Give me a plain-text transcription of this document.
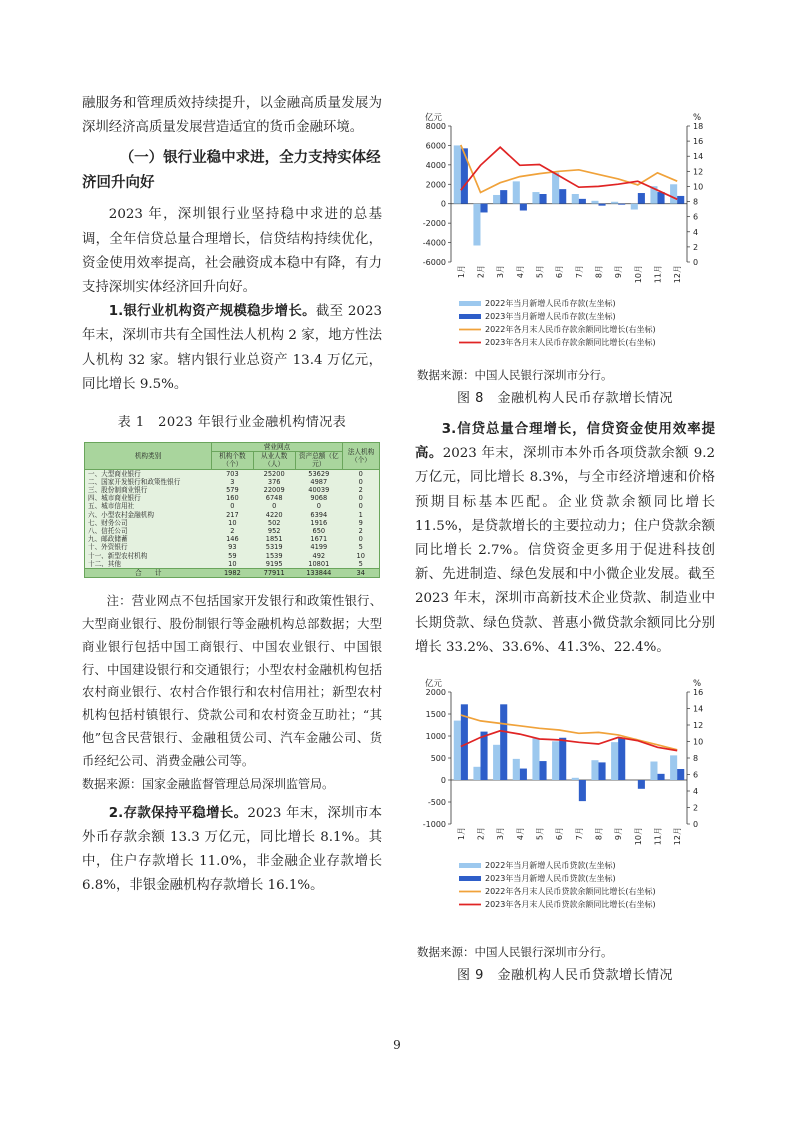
融服务和管理质效持续提升，以金融高质量发展为深圳经济高质量发展营造适宜的货币金融环境。

（一）银行业稳中求进，全力支持实体经济回升向好

2023 年，深圳银行业坚持稳中求进的总基调，全年信贷总量合理增长，信贷结构持续优化，资金使用效率提高，社会融资成本稳中有降，有力支持深圳实体经济回升向好。

1.银行业机构资产规模稳步增长。截至 2023 年末，深圳市共有全国性法人机构 2 家，地方性法人机构 32 家。辖内银行业总资产 13.4 万亿元，同比增长 9.5%。

表 1　2023 年银行业金融机构情况表
机构类别	营业网点			法人机构（个）
	机构个数（个）	从业人数（人）	资产总额（亿元）	
一、大型商业银行	703	25200	53629	0
二、国家开发银行和政策性银行	3	376	4987	0
三、股份制商业银行	579	22009	40039	2
四、城市商业银行	160	6748	9068	0
五、城市信用社	0	0	0	0
六、小型农村金融机构	217	4220	6394	1
七、财务公司	10	502	1916	9
八、信托公司	2	952	650	2
九、邮政储蓄	146	1851	1671	0
十、外资银行	93	5319	4199	5
十一、新型农村机构	59	1539	492	10
十二、其他	10	9195	10801	5
合　　计	1982	77911	133844	34

注：营业网点不包括国家开发银行和政策性银行、大型商业银行、股份制银行等金融机构总部数据；大型商业银行包括中国工商银行、中国农业银行、中国银行、中国建设银行和交通银行；小型农村金融机构包括农村商业银行、农村合作银行和农村信用社；新型农村机构包括村镇银行、贷款公司和农村资金互助社；“其他”包含民营银行、金融租赁公司、汽车金融公司、货币经纪公司、消费金融公司等。

数据来源：国家金融监督管理总局深圳监管局。

2.存款保持平稳增长。2023 年末，深圳市本外币存款余额 13.3 万亿元，同比增长 8.1%。其中，住户存款增长 11.0%，非金融企业存款增长 6.8%，非银金融机构存款增长 16.1%。

亿元	%
-6000
-4000
-2000
0
2000
4000
6000
8000
0
2
4
6
8
10
12
14
16
18
1月 2月 3月 4月 5月 6月 7月 8月 9月 10月 11月 12月
2022年当月新增人民币存款(左坐标)
2023年当月新增人民币存款(左坐标)
2022年各月末人民币存款余额同比增长(右坐标)
2023年各月末人民币存款余额同比增长(右坐标)

数据来源：中国人民银行深圳市分行。

图 8　金融机构人民币存款增长情况

3.信贷总量合理增长，信贷资金使用效率提高。2023 年末，深圳市本外币各项贷款余额 9.2 万亿元，同比增长 8.3%，与全市经济增速和价格预期目标基本匹配。企业贷款余额同比增长 11.5%，是贷款增长的主要拉动力；住户贷款余额同比增长 2.7%。信贷资金更多用于促进科技创新、先进制造、绿色发展和中小微企业发展。截至 2023 年末，深圳市高新技术企业贷款、制造业中长期贷款、绿色贷款、普惠小微贷款余额同比分别增长 33.2%、33.6%、41.3%、22.4%。

亿元	%
-1000
-500
0
500
1000
1500
2000
0
2
4
6
8
10
12
14
16
1月 2月 3月 4月 5月 6月 7月 8月 9月 10月 11月 12月
2022年当月新增人民币贷款(左坐标)
2023年当月新增人民币贷款(左坐标)
2022年各月末人民币贷款余额同比增长(右坐标)
2023年各月末人民币贷款余额同比增长(右坐标)

数据来源：中国人民银行深圳市分行。

图 9　金融机构人民币贷款增长情况
9
